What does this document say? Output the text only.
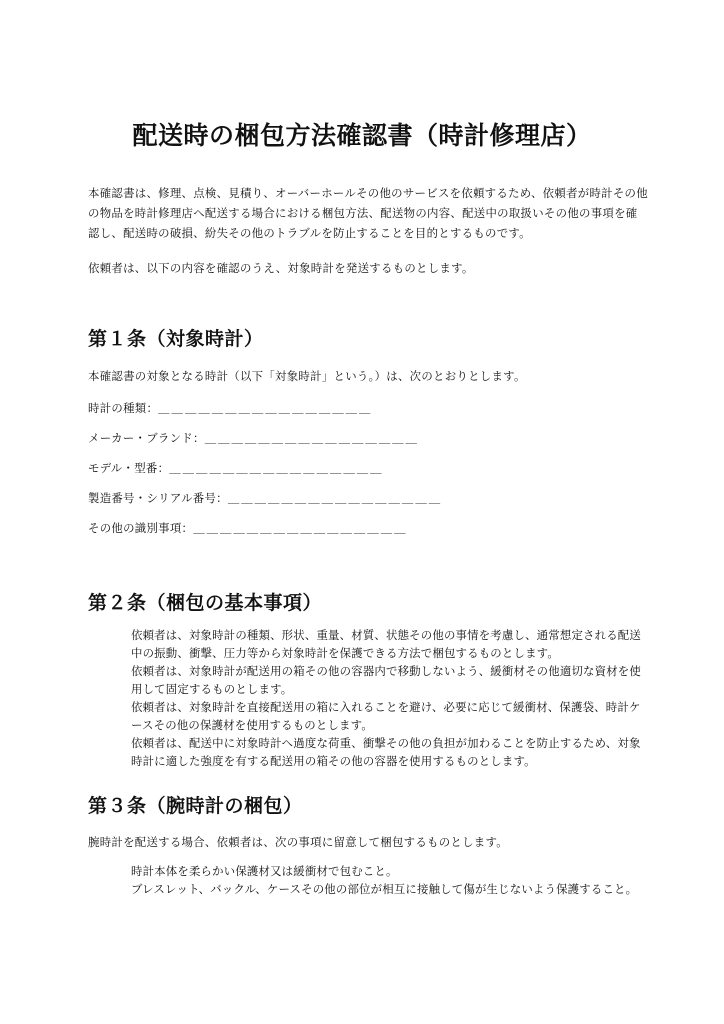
配送時の梱包方法確認書（時計修理店）

本確認書は、修理、点検、見積り、オーバーホールその他のサービスを依頼するため、依頼者が時計その他の物品を時計修理店へ配送する場合における梱包方法、配送物の内容、配送中の取扱いその他の事項を確認し、配送時の破損、紛失その他のトラブルを防止することを目的とするものです。

依頼者は、以下の内容を確認のうえ、対象時計を発送するものとします。

第１条（対象時計）

本確認書の対象となる時計（以下「対象時計」という。）は、次のとおりとします。

時計の種類：＿＿＿＿＿＿＿＿＿＿＿＿＿＿＿＿
メーカー・ブランド：＿＿＿＿＿＿＿＿＿＿＿＿＿＿＿＿
モデル・型番：＿＿＿＿＿＿＿＿＿＿＿＿＿＿＿＿
製造番号・シリアル番号：＿＿＿＿＿＿＿＿＿＿＿＿＿＿＿＿
その他の識別事項：＿＿＿＿＿＿＿＿＿＿＿＿＿＿＿＿
第２条（梱包の基本事項）

依頼者は、対象時計の種類、形状、重量、材質、状態その他の事情を考慮し、通常想定される配送中の振動、衝撃、圧力等から対象時計を保護できる方法で梱包するものとします。

依頼者は、対象時計が配送用の箱その他の容器内で移動しないよう、緩衝材その他適切な資材を使用して固定するものとします。

依頼者は、対象時計を直接配送用の箱に入れることを避け、必要に応じて緩衝材、保護袋、時計ケースその他の保護材を使用するものとします。

依頼者は、配送中に対象時計へ過度な荷重、衝撃その他の負担が加わることを防止するため、対象時計に適した強度を有する配送用の箱その他の容器を使用するものとします。

第３条（腕時計の梱包）

腕時計を配送する場合、依頼者は、次の事項に留意して梱包するものとします。

時計本体を柔らかい保護材又は緩衝材で包むこと。

ブレスレット、バックル、ケースその他の部位が相互に接触して傷が生じないよう保護すること。
